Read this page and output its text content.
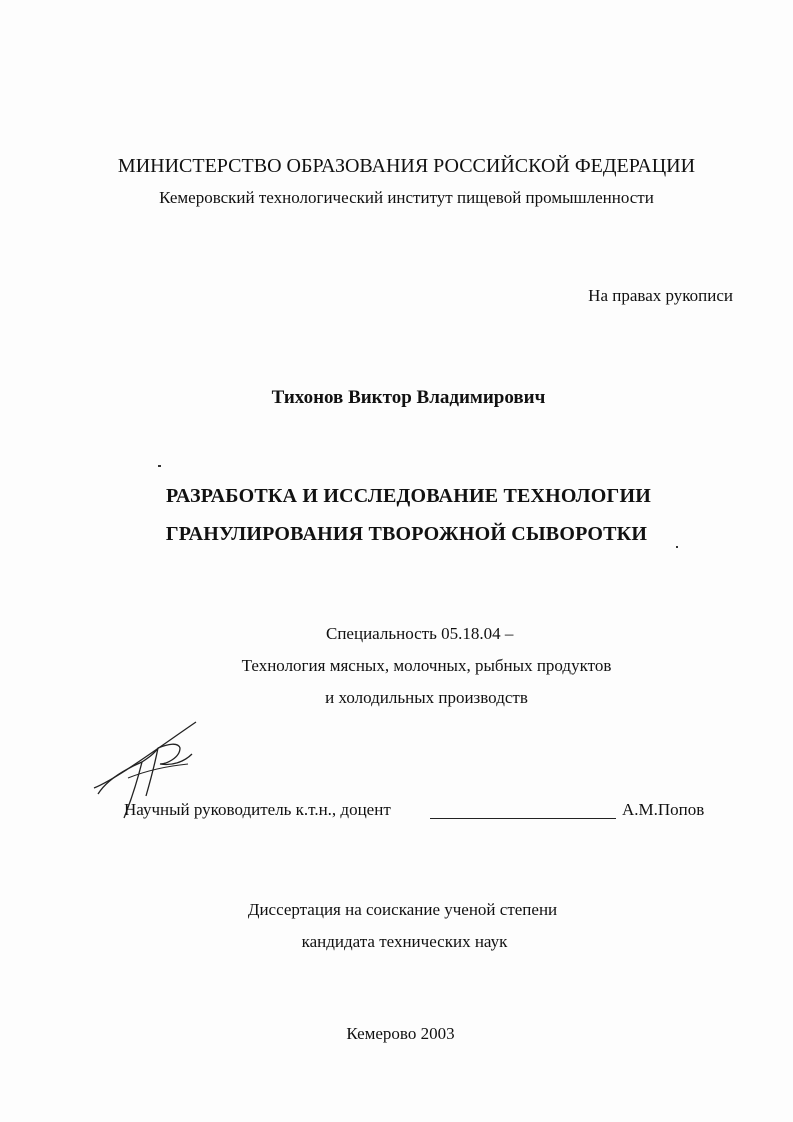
МИНИСТЕРСТВО ОБРАЗОВАНИЯ РОССИЙСКОЙ ФЕДЕРАЦИИ
Кемеровский технологический институт пищевой промышленности
На правах рукописи
Тихонов Виктор Владимирович
РАЗРАБОТКА И ИССЛЕДОВАНИЕ ТЕХНОЛОГИИ
ГРАНУЛИРОВАНИЯ ТВОРОЖНОЙ СЫВОРОТКИ
Специальность 05.18.04 –
Технология мясных, молочных, рыбных продуктов
и холодильных производств
Научный руководитель к.т.н., доцент	А.М.Попов
Диссертация на соискание ученой степени
кандидата технических наук
Кемерово 2003
